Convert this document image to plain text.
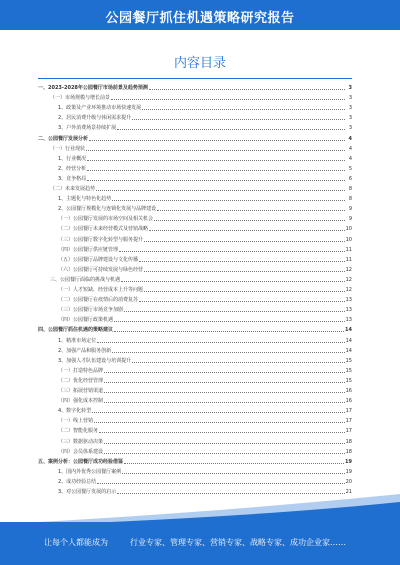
公园餐厅抓住机遇策略研究报告
内容目录
一、2023-2028年公园餐厅市场前景及趋势预测	3
（一）市场规模与增长前景	3
1、政策及产业环境推动市场快速发展	3
2、居民消费升级与休闲需求提升	3
3、户外消费场景持续扩展	3
二、公园餐厅发展分析	4
（一）行业现状	4
1、行业概况	4
2、经营分析	5
3、竞争格局	6
（二）未来发展趋势	8
1、主题化与特色化趋势	8
2、公园餐厅规模化与连锁化发展与品牌建设	9
（一）公园餐厅发展的市场空间及相关机会	9
（二）公园餐厅未来经营模式及营销战略	10
（三）公园餐厅数字化转型与服务提升	10
（四）公园餐厅供应链管理	11
（五）公园餐厅品牌建设与文化传播	11
（六）公园餐厅可持续发展与绿色经营	12
三、公园餐厅面临的挑战与机遇	12
（一）人才短缺、经营成本上升等问题	12
（二）公园餐厅在疫情后的消费复苏	13
（三）公园餐厅市场竞争加剧	13
（四）公园餐厅政策机遇	13
四、公园餐厅抓住机遇的策略建议	14
1、精准市场定位	14
2、加强产品和服务创新	14
3、加强人才队伍建设与培训提升	15
（一）打造特色品牌	15
（二）优化经营管理	15
（三）拓展营销渠道	16
（四）强化成本控制	16
4、数字化转型	17
（一）线上营销	17
（二）智能化服务	17
（三）数据驱动决策	18
（四）会员体系建设	18
五、案例分析：公园餐厅成功经验借鉴	19
1、国内外优秀公园餐厅案例	19
2、成功经验总结	20
3、对公园餐厅发展的启示	21
让每个人都能成为	行业专家、管理专家、营销专家、战略专家、成功企业家……
